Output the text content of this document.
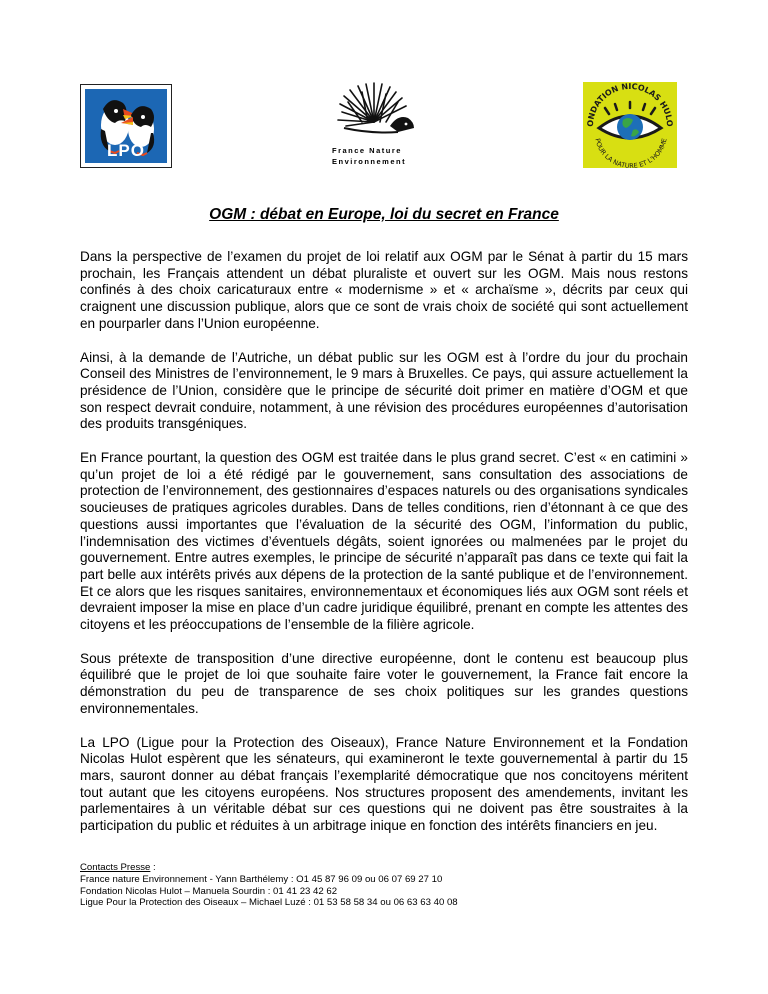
LPO	France Nature
Environnement
ONDATION NICOLAS HULO
POUR LA NATURE ET L'HOMME
OGM : débat en Europe, loi du secret en France

Dans la perspective de l’examen du projet de loi relatif aux OGM par le Sénat à partir du 15 mars prochain, les Français attendent un débat pluraliste et ouvert sur les OGM. Mais nous restons confinés à des choix caricaturaux entre « modernisme » et « archaïsme », décrits par ceux qui craignent une discussion publique, alors que ce sont de vrais choix de société qui sont actuellement en pourparler dans l’Union européenne.

Ainsi, à la demande de l’Autriche, un débat public sur les OGM est à l’ordre du jour du prochain Conseil des Ministres de l’environnement, le 9 mars à Bruxelles. Ce pays, qui assure actuellement la présidence de l’Union, considère que le principe de sécurité doit primer en matière d’OGM et que son respect devrait conduire, notamment, à une révision des procédures européennes d’autorisation des produits transgéniques.

En France pourtant, la question des OGM est traitée dans le plus grand secret. C’est « en catimini » qu’un projet de loi a été rédigé par le gouvernement, sans consultation des associations de protection de l’environnement, des gestionnaires d’espaces naturels ou des organisations syndicales soucieuses de pratiques agricoles durables. Dans de telles conditions, rien d’étonnant à ce que des questions aussi importantes que l’évaluation de la sécurité des OGM, l’information du public, l’indemnisation des victimes d’éventuels dégâts, soient ignorées ou malmenées par le projet du gouvernement. Entre autres exemples, le principe de sécurité n’apparaît pas dans ce texte qui fait la part belle aux intérêts privés aux dépens de la protection de la santé publique et de l’environnement. Et ce alors que les risques sanitaires, environnementaux et économiques liés aux OGM sont réels et devraient imposer la mise en place d’un cadre juridique équilibré, prenant en compte les attentes des citoyens et les préoccupations de l’ensemble de la filière agricole.

Sous prétexte de transposition d’une directive européenne, dont le contenu est beaucoup plus équilibré que le projet de loi que souhaite faire voter le gouvernement, la France fait encore la démonstration du peu de transparence de ses choix politiques sur les grandes questions environnementales.

La LPO (Ligue pour la Protection des Oiseaux), France Nature Environnement et la Fondation Nicolas Hulot espèrent que les sénateurs, qui examineront le texte gouvernemental à partir du 15 mars, sauront donner au débat français l’exemplarité démocratique que nos concitoyens méritent tout autant que les citoyens européens. Nos structures proposent des amendements, invitant les parlementaires à un véritable débat sur ces questions qui ne doivent pas être soustraites à la participation du public et réduites à un arbitrage inique en fonction des intérêts financiers en jeu.

Contacts Presse :
France nature Environnement - Yann Barthélemy : O1 45 87 96 09 ou 06 07 69 27 10
Fondation Nicolas Hulot – Manuela Sourdin : 01 41 23 42 62
Ligue Pour la Protection des Oiseaux – Michael Luzé : 01 53 58 58 34 ou 06 63 63 40 08
